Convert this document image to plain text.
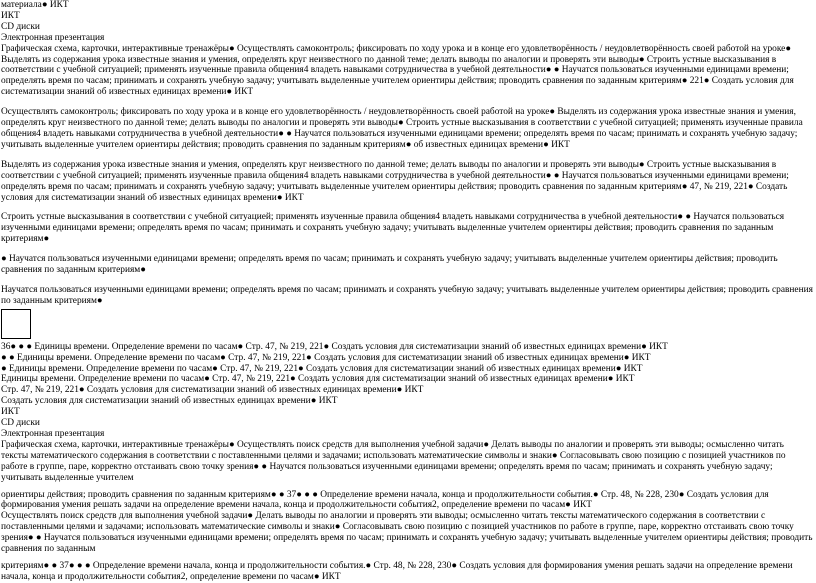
материала● ИКТ

ИКТ

CD диски

Электронная презентация

Графическая схема, карточки, интерактивные тренажёры● Осуществлять самоконтроль; фиксировать по ходу урока и в конце его удовлетворённость / неудовлетворённость своей работой на уроке● Выделять из содержания урока известные знания и умения, определять круг неизвестного по данной теме; делать выводы по аналогии и проверять эти выводы● Строить устные высказывания в соответствии с учебной ситуацией; применять изученные правила общения4 владеть навыками сотрудничества в учебной деятельности● ● Научатся пользоваться изученными единицами времени; определять время по часам; принимать и сохранять учебную задачу; учитывать выделенные учителем ориентиры действия; проводить сравнения по заданным критериям● 221● Создать условия для систематизации знаний об известных единицах времени● ИКТ

Осуществлять самоконтроль; фиксировать по ходу урока и в конце его удовлетворённость / неудовлетворённость своей работой на уроке● Выделять из содержания урока известные знания и умения, определять круг неизвестного по данной теме; делать выводы по аналогии и проверять эти выводы● Строить устные высказывания в соответствии с учебной ситуацией; применять изученные правила общения4 владеть навыками сотрудничества в учебной деятельности● ● Научатся пользоваться изученными единицами времени; определять время по часам; принимать и сохранять учебную задачу; учитывать выделенные учителем ориентиры действия; проводить сравнения по заданным критериям● об известных единицах времени● ИКТ

Выделять из содержания урока известные знания и умения, определять круг неизвестного по данной теме; делать выводы по аналогии и проверять эти выводы● Строить устные высказывания в соответствии с учебной ситуацией; применять изученные правила общения4 владеть навыками сотрудничества в учебной деятельности● ● Научатся пользоваться изученными единицами времени; определять время по часам; принимать и сохранять учебную задачу; учитывать выделенные учителем ориентиры действия; проводить сравнения по заданным критериям● 47, № 219, 221● Создать условия для систематизации знаний об известных единицах времени● ИКТ

Строить устные высказывания в соответствии с учебной ситуацией; применять изученные правила общения4 владеть навыками сотрудничества в учебной деятельности● ● Научатся пользоваться изученными единицами времени; определять время по часам; принимать и сохранять учебную задачу; учитывать выделенные учителем ориентиры действия; проводить сравнения по заданным критериям●

● Научатся пользоваться изученными единицами времени; определять время по часам; принимать и сохранять учебную задачу; учитывать выделенные учителем ориентиры действия; проводить сравнения по заданным критериям●

Научатся пользоваться изученными единицами времени; определять время по часам; принимать и сохранять учебную задачу; учитывать выделенные учителем ориентиры действия; проводить сравнения по заданным критериям●

36● ● ● Единицы времени. Определение времени по часам● Стр. 47, № 219, 221● Создать условия для систематизации знаний об известных единицах времени● ИКТ

● ● Единицы времени. Определение времени по часам● Стр. 47, № 219, 221● Создать условия для систематизации знаний об известных единицах времени● ИКТ

● Единицы времени. Определение времени по часам● Стр. 47, № 219, 221● Создать условия для систематизации знаний об известных единицах времени● ИКТ

Единицы времени. Определение времени по часам● Стр. 47, № 219, 221● Создать условия для систематизации знаний об известных единицах времени● ИКТ

Стр. 47, № 219, 221● Создать условия для систематизации знаний об известных единицах времени● ИКТ

Создать условия для систематизации знаний об известных единицах времени● ИКТ

ИКТ

CD диски

Электронная презентация

Графическая схема, карточки, интерактивные тренажёры● Осуществлять поиск средств для выполнения учебной задачи● Делать выводы по аналогии и проверять эти выводы; осмысленно читать тексты математического содержания в соответствии с поставленными целями и задачами; использовать математические символы и знаки● Согласовывать свою позицию с позицией участников по работе в группе, паре, корректно отстаивать свою точку зрения● ● Научатся пользоваться изученными единицами времени; определять время по часам; принимать и сохранять учебную задачу; учитывать выделенные учителем

ориентиры действия; проводить сравнения по заданным критериям● ● 37● ● ● Определение времени начала, конца и продолжительности события.● Стр. 48, № 228, 230● Создать условия для формирования умения решать задачи на определение времени начала, конца и продолжительности события2, определение времени по часам● ИКТ

Осуществлять поиск средств для выполнения учебной задачи● Делать выводы по аналогии и проверять эти выводы; осмысленно читать тексты математического содержания в соответствии с поставленными целями и задачами; использовать математические символы и знаки● Согласовывать свою позицию с позицией участников по работе в группе, паре, корректно отстаивать свою точку зрения● ● Научатся пользоваться изученными единицами времени; определять время по часам; принимать и сохранять учебную задачу; учитывать выделенные учителем ориентиры действия; проводить сравнения по заданным

критериям● ● 37● ● ● Определение времени начала, конца и продолжительности события.● Стр. 48, № 228, 230● Создать условия для формирования умения решать задачи на определение времени начала, конца и продолжительности события2, определение времени по часам● ИКТ
